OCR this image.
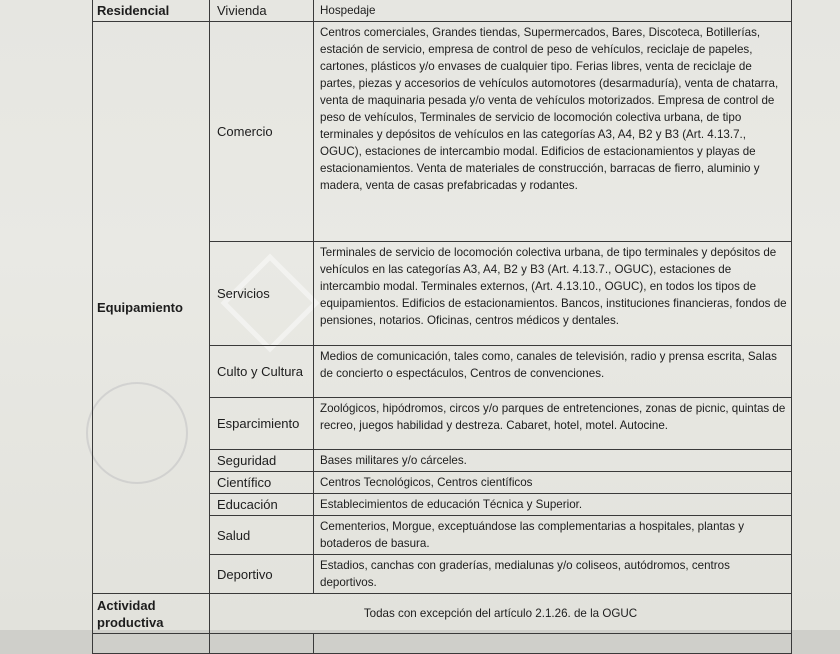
Residencial	Vivienda	Hospedaje
Equipamiento	Comercio	Centros comerciales, Grandes tiendas, Supermercados, Bares, Discoteca, Botillerías, estación de servicio, empresa de control de peso de vehículos, reciclaje de papeles, cartones, plásticos y/o envases de cualquier tipo. Ferias libres, venta de reciclaje de partes, piezas y accesorios de vehículos automotores (desarmaduría), venta de chatarra, venta de maquinaria pesada y/o venta de vehículos motorizados. Empresa de control de peso de vehículos, Terminales de servicio de locomoción colectiva urbana, de tipo terminales y depósitos de vehículos en las categorías A3, A4, B2 y B3 (Art. 4.13.7., OGUC), estaciones de intercambio modal. Edificios de estacionamientos y playas de estacionamientos. Venta de materiales de construcción, barracas de fierro, aluminio y madera, venta de casas prefabricadas y rodantes.
	Servicios	Terminales de servicio de locomoción colectiva urbana, de tipo terminales y depósitos de vehículos en las categorías A3, A4, B2 y B3 (Art. 4.13.7., OGUC), estaciones de intercambio modal. Terminales externos, (Art. 4.13.10., OGUC), en todos los tipos de equipamientos. Edificios de estacionamientos. Bancos, instituciones financieras, fondos de pensiones, notarios. Oficinas, centros médicos y dentales.
	Culto y Cultura	Medios de comunicación, tales como, canales de televisión, radio y prensa escrita, Salas de concierto o espectáculos, Centros de convenciones.
	Esparcimiento	Zoológicos, hipódromos, circos y/o parques de entretenciones, zonas de picnic, quintas de recreo, juegos habilidad y destreza. Cabaret, hotel, motel. Autocine.
	Seguridad	Bases militares y/o cárceles.
	Científico	Centros Tecnológicos, Centros científicos
	Educación	Establecimientos de educación Técnica y Superior.
	Salud	Cementerios, Morgue, exceptuándose las complementarias a hospitales, plantas y botaderos de basura.
	Deportivo	Estadios, canchas con graderías, medialunas y/o coliseos, autódromos, centros deportivos.
Actividad productiva	Todas con excepción del artículo 2.1.26. de la OGUC	
